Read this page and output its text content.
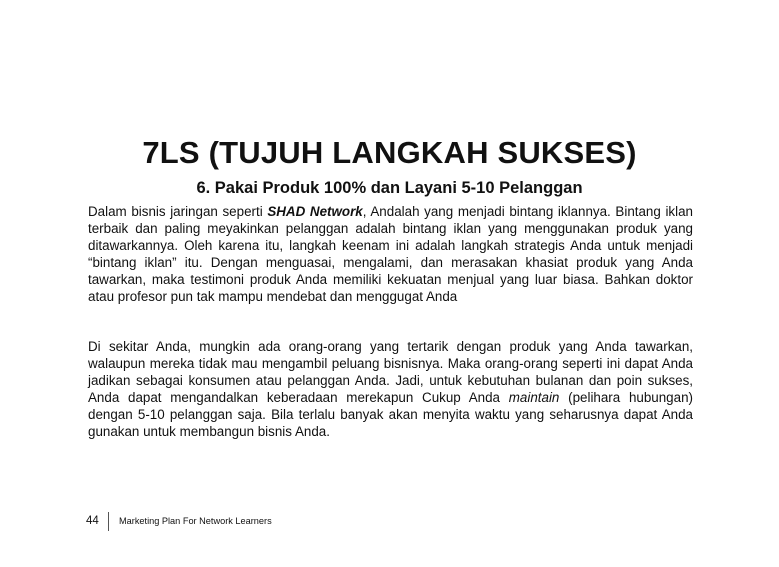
7LS (TUJUH LANGKAH SUKSES)
6. Pakai Produk 100% dan Layani 5-10 Pelanggan

Dalam bisnis jaringan seperti SHAD Network, Andalah yang menjadi bintang iklannya. Bintang iklan terbaik dan paling meyakinkan pelanggan adalah bintang iklan yang menggunakan produk yang ditawarkannya. Oleh karena itu, langkah keenam ini adalah langkah strategis Anda untuk menjadi “bintang iklan” itu. Dengan menguasai, mengalami, dan merasakan khasiat produk yang Anda tawarkan, maka testimoni produk Anda memiliki kekuatan menjual yang luar biasa. Bahkan doktor atau profesor pun tak mampu mendebat dan menggugat Anda

Di sekitar Anda, mungkin ada orang-orang yang tertarik dengan produk yang Anda tawarkan, walaupun mereka tidak mau mengambil peluang bisnisnya. Maka orang-orang seperti ini dapat Anda jadikan sebagai konsumen atau pelanggan Anda. Jadi, untuk kebutuhan bulanan dan poin sukses, Anda dapat mengandalkan keberadaan merekapun Cukup Anda maintain (pelihara hubungan) dengan 5-10 pelanggan saja. Bila terlalu banyak akan menyita waktu yang seharusnya dapat Anda gunakan untuk membangun bisnis Anda.

44 Marketing Plan For Network Learners
